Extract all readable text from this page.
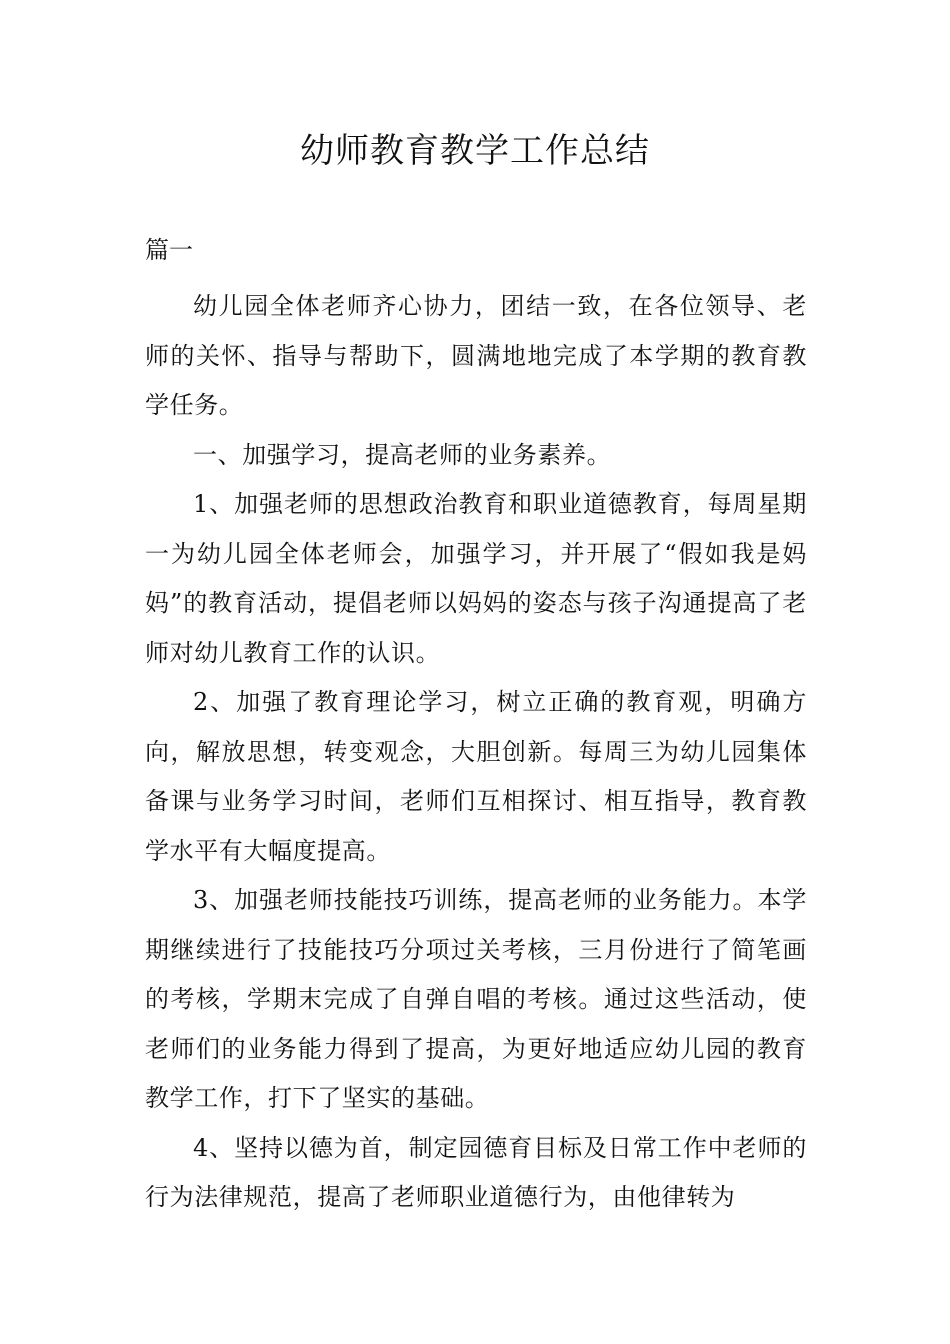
幼师教育教学工作总结
篇一

幼儿园全体老师齐心协力，团结一致，在各位领导、老师的关怀、指导与帮助下，圆满地地完成了本学期的教育教学任务。

一、加强学习，提高老师的业务素养。

1、加强老师的思想政治教育和职业道德教育，每周星期一为幼儿园全体老师会，加强学习，并开展了“假如我是妈妈”的教育活动，提倡老师以妈妈的姿态与孩子沟通提高了老师对幼儿教育工作的认识。

2、加强了教育理论学习，树立正确的教育观，明确方向，解放思想，转变观念，大胆创新。每周三为幼儿园集体备课与业务学习时间，老师们互相探讨、相互指导，教育教学水平有大幅度提高。

3、加强老师技能技巧训练，提高老师的业务能力。本学期继续进行了技能技巧分项过关考核，三月份进行了简笔画的考核，学期末完成了自弹自唱的考核。通过这些活动，使老师们的业务能力得到了提高，为更好地适应幼儿园的教育教学工作，打下了坚实的基础。

4、坚持以德为首，制定园德育目标及日常工作中老师的行为法律规范，提高了老师职业道德行为，由他律转为
